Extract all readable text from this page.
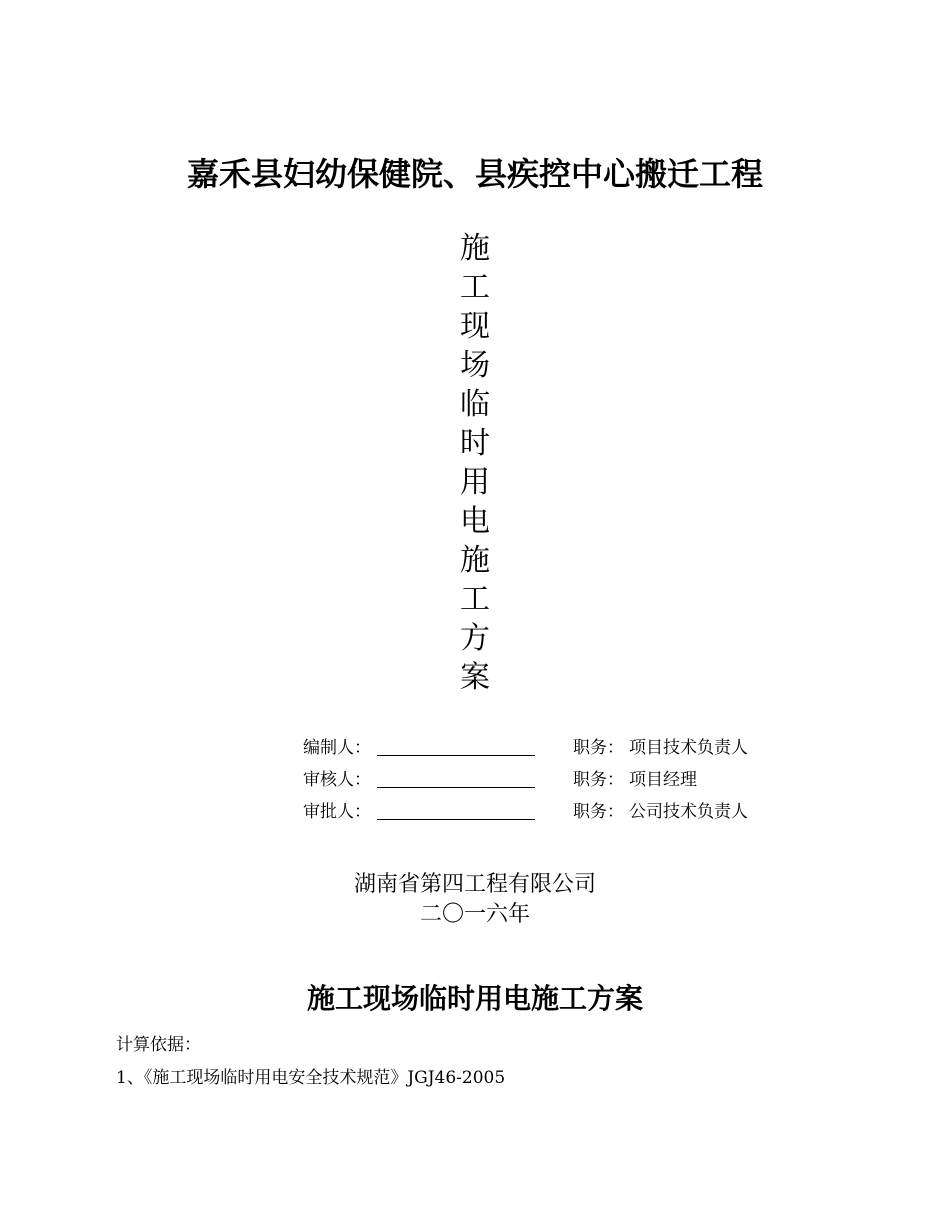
嘉禾县妇幼保健院、县疾控中心搬迁工程
施
工
现
场
临
时
用
电
施
工
方
案
编制人：	职务： 项目技术负责人
审核人：	职务： 项目经理
审批人：	职务： 公司技术负责人
湖南省第四工程有限公司
二〇一六年
施工现场临时用电施工方案
计算依据：
1、《施工现场临时用电安全技术规范》JGJ46-2005
